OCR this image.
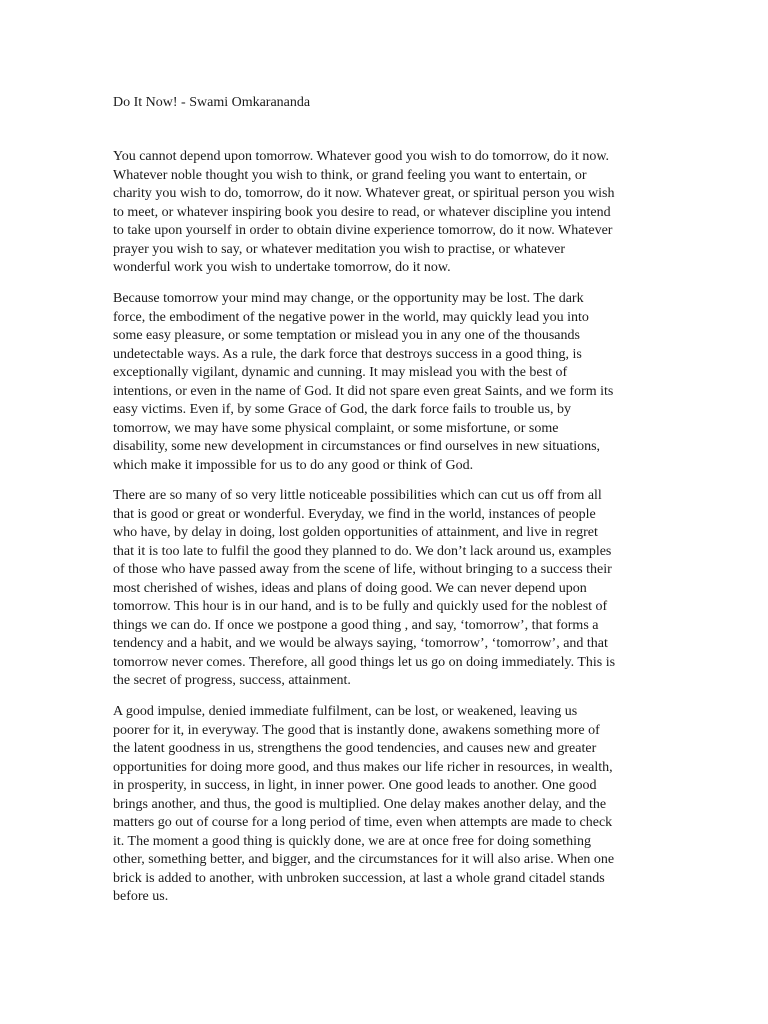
Do It Now! - Swami Omkarananda

You cannot depend upon tomorrow. Whatever good you wish to do tomorrow, do it now.
Whatever noble thought you wish to think, or grand feeling you want to entertain, or
charity you wish to do, tomorrow, do it now. Whatever great, or spiritual person you wish
to meet, or whatever inspiring book you desire to read, or whatever discipline you intend
to take upon yourself in order to obtain divine experience tomorrow, do it now. Whatever
prayer you wish to say, or whatever meditation you wish to practise, or whatever
wonderful work you wish to undertake tomorrow, do it now.

Because tomorrow your mind may change, or the opportunity may be lost. The dark
force, the embodiment of the negative power in the world, may quickly lead you into
some easy pleasure, or some temptation or mislead you in any one of the thousands
undetectable ways. As a rule, the dark force that destroys success in a good thing, is
exceptionally vigilant, dynamic and cunning. It may mislead you with the best of
intentions, or even in the name of God. It did not spare even great Saints, and we form its
easy victims. Even if, by some Grace of God, the dark force fails to trouble us, by
tomorrow, we may have some physical complaint, or some misfortune, or some
disability, some new development in circumstances or find ourselves in new situations,
which make it impossible for us to do any good or think of God.

There are so many of so very little noticeable possibilities which can cut us off from all
that is good or great or wonderful. Everyday, we find in the world, instances of people
who have, by delay in doing, lost golden opportunities of attainment, and live in regret
that it is too late to fulfil the good they planned to do. We don’t lack around us, examples
of those who have passed away from the scene of life, without bringing to a success their
most cherished of wishes, ideas and plans of doing good. We can never depend upon
tomorrow. This hour is in our hand, and is to be fully and quickly used for the noblest of
things we can do. If once we postpone a good thing , and say, ‘tomorrow’, that forms a
tendency and a habit, and we would be always saying, ‘tomorrow’, ‘tomorrow’, and that
tomorrow never comes. Therefore, all good things let us go on doing immediately. This is
the secret of progress, success, attainment.

A good impulse, denied immediate fulfilment, can be lost, or weakened, leaving us
poorer for it, in everyway. The good that is instantly done, awakens something more of
the latent goodness in us, strengthens the good tendencies, and causes new and greater
opportunities for doing more good, and thus makes our life richer in resources, in wealth,
in prosperity, in success, in light, in inner power. One good leads to another. One good
brings another, and thus, the good is multiplied. One delay makes another delay, and the
matters go out of course for a long period of time, even when attempts are made to check
it. The moment a good thing is quickly done, we are at once free for doing something
other, something better, and bigger, and the circumstances for it will also arise. When one
brick is added to another, with unbroken succession, at last a whole grand citadel stands
before us.
